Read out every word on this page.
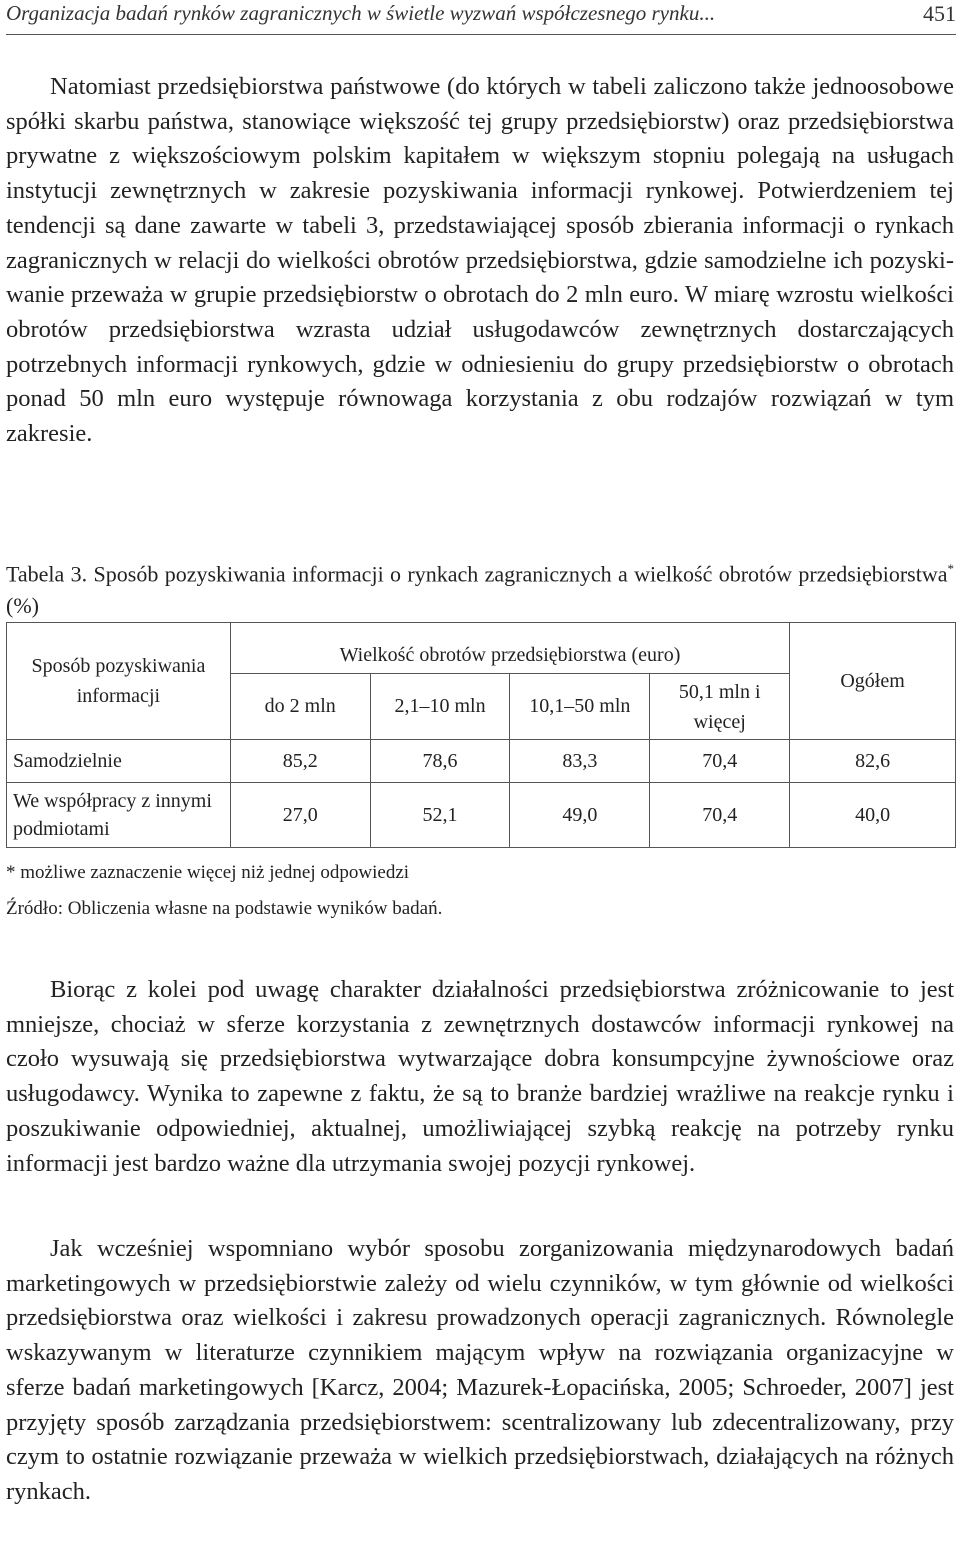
Organizacja badań rynków zagranicznych w świetle wyzwań współczesnego rynku...	451

Natomiast przedsiębiorstwa państwowe (do których w tabeli zaliczono także jednoosobowe spółki skarbu państwa, stanowiące większość tej grupy przedsiębiorstw) oraz przedsiębiorstwa prywatne z większościowym polskim kapitałem w większym stopniu polegają na usługach instytucji zewnętrznych w zakresie pozyskiwania informacji rynkowej. Potwierdzeniem tej tendencji są dane zawarte w tabeli 3, przedstawiającej sposób zbierania informacji o rynkach zagranicznych w relacji do wielkości obrotów przedsiębiorstwa, gdzie samodzielne ich pozyskiwanie przeważa w grupie przedsiębiorstw o obrotach do 2 mln euro. W miarę wzrostu wielkości obrotów przedsiębiorstwa wzrasta udział usługodawców zewnętrznych dostarczających potrzebnych informacji rynkowych, gdzie w odniesieniu do grupy przedsiębiorstw o obrotach ponad 50 mln euro występuje równowaga korzystania z obu rodzajów rozwiązań w tym zakresie.

Tabela 3. Sposób pozyskiwania informacji o rynkach zagranicznych a wielkość obrotów przedsiębiorstwa* (%)

Sposób pozyskiwania informacji	Wielkość obrotów przedsiębiorstwa (euro)				Ogółem
	do 2 mln	2,1–10 mln	10,1–50 mln	50,1 mln i więcej	
Samodzielnie	85,2	78,6	83,3	70,4	82,6
We współpracy z innymi podmiotami	27,0	52,1	49,0	70,4	40,0
* możliwe zaznaczenie więcej niż jednej odpowiedzi
Źródło: Obliczenia własne na podstawie wyników badań.

Biorąc z kolei pod uwagę charakter działalności przedsiębiorstwa zróżnicowanie to jest mniejsze, chociaż w sferze korzystania z zewnętrznych dostawców informacji rynkowej na czoło wysuwają się przedsiębiorstwa wytwarzające dobra konsumpcyjne żywnościowe oraz usługodawcy. Wynika to zapewne z faktu, że są to branże bardziej wrażliwe na reakcje rynku i poszukiwanie odpowiedniej, aktualnej, umożliwiającej szybką reakcję na potrzeby rynku informacji jest bardzo ważne dla utrzymania swojej pozycji rynkowej.

Jak wcześniej wspomniano wybór sposobu zorganizowania międzynarodowych badań marketingowych w przedsiębiorstwie zależy od wielu czynników, w tym głównie od wielkości przedsiębiorstwa oraz wielkości i zakresu prowadzonych operacji zagranicznych. Równolegle wskazywanym w literaturze czynnikiem mającym wpływ na rozwiązania organizacyjne w sferze badań marketingowych [Karcz, 2004; Mazurek-Łopacińska, 2005; Schroeder, 2007] jest przyjęty sposób zarządzania przedsiębiorstwem: scentralizowany lub zdecentralizowany, przy czym to ostatnie rozwiązanie przeważa w wielkich przedsiębiorstwach, działających na różnych rynkach.
